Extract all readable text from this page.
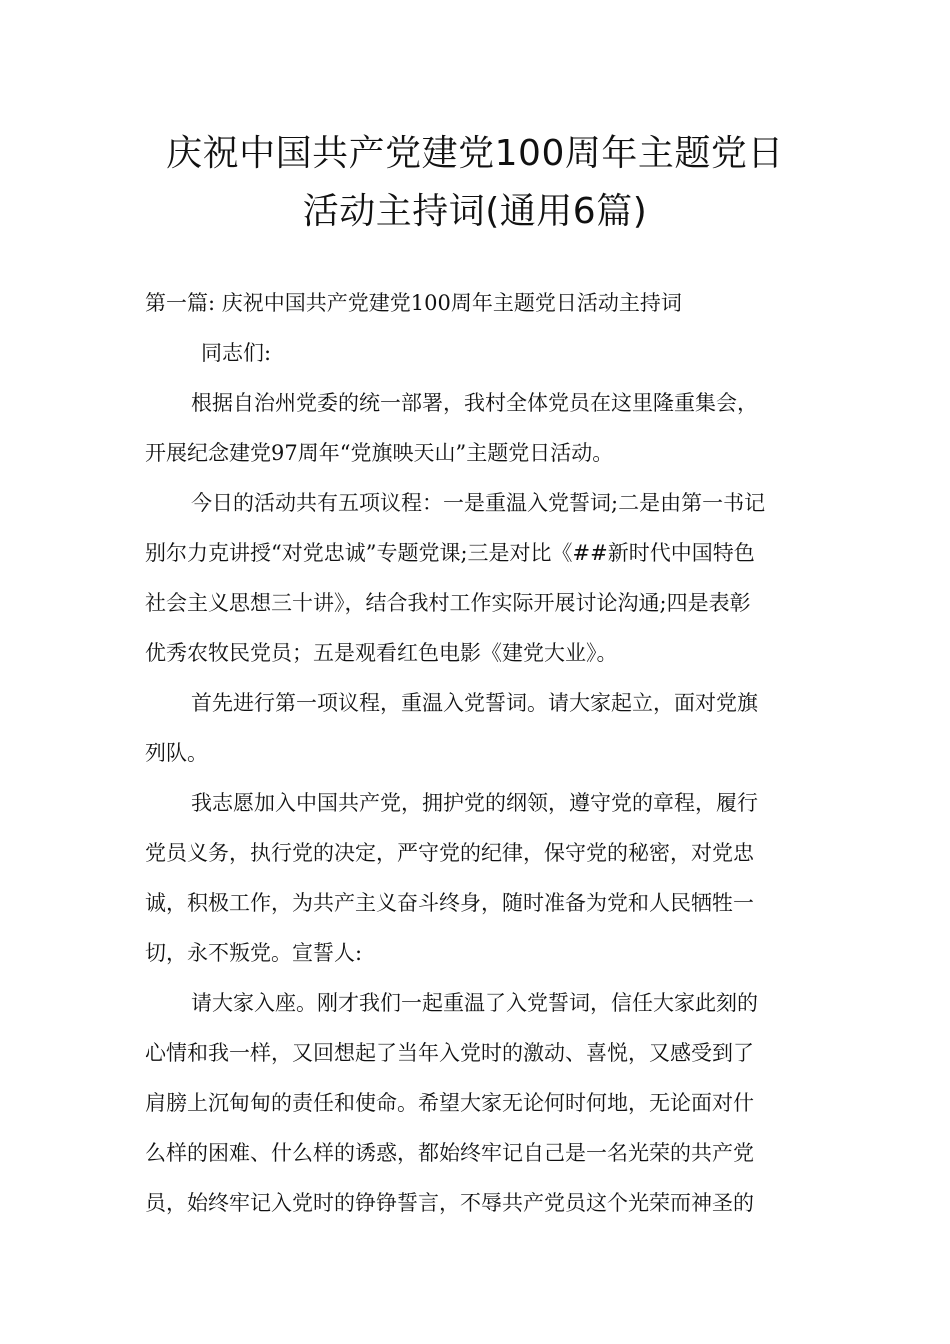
庆祝中国共产党建党100周年主题党日
活动主持词(通用6篇)
第一篇: 庆祝中国共产党建党100周年主题党日活动主持词
同志们:
根据自治州党委的统一部署，我村全体党员在这里隆重集会，
开展纪念建党97周年“党旗映天山”主题党日活动。
今日的活动共有五项议程：一是重温入党誓词;二是由第一书记
别尔力克讲授“对党忠诚”专题党课;三是对比《##新时代中国特色
社会主义思想三十讲》，结合我村工作实际开展讨论沟通;四是表彰
优秀农牧民党员；五是观看红色电影《建党大业》。
首先进行第一项议程，重温入党誓词。请大家起立，面对党旗
列队。
我志愿加入中国共产党，拥护党的纲领，遵守党的章程，履行
党员义务，执行党的决定，严守党的纪律，保守党的秘密，对党忠
诚，积极工作，为共产主义奋斗终身，随时准备为党和人民牺牲一
切，永不叛党。宣誓人:
请大家入座。刚才我们一起重温了入党誓词，信任大家此刻的
心情和我一样，又回想起了当年入党时的激动、喜悦，又感受到了
肩膀上沉甸甸的责任和使命。希望大家无论何时何地，无论面对什
么样的困难、什么样的诱惑，都始终牢记自己是一名光荣的共产党
员，始终牢记入党时的铮铮誓言，不辱共产党员这个光荣而神圣的
